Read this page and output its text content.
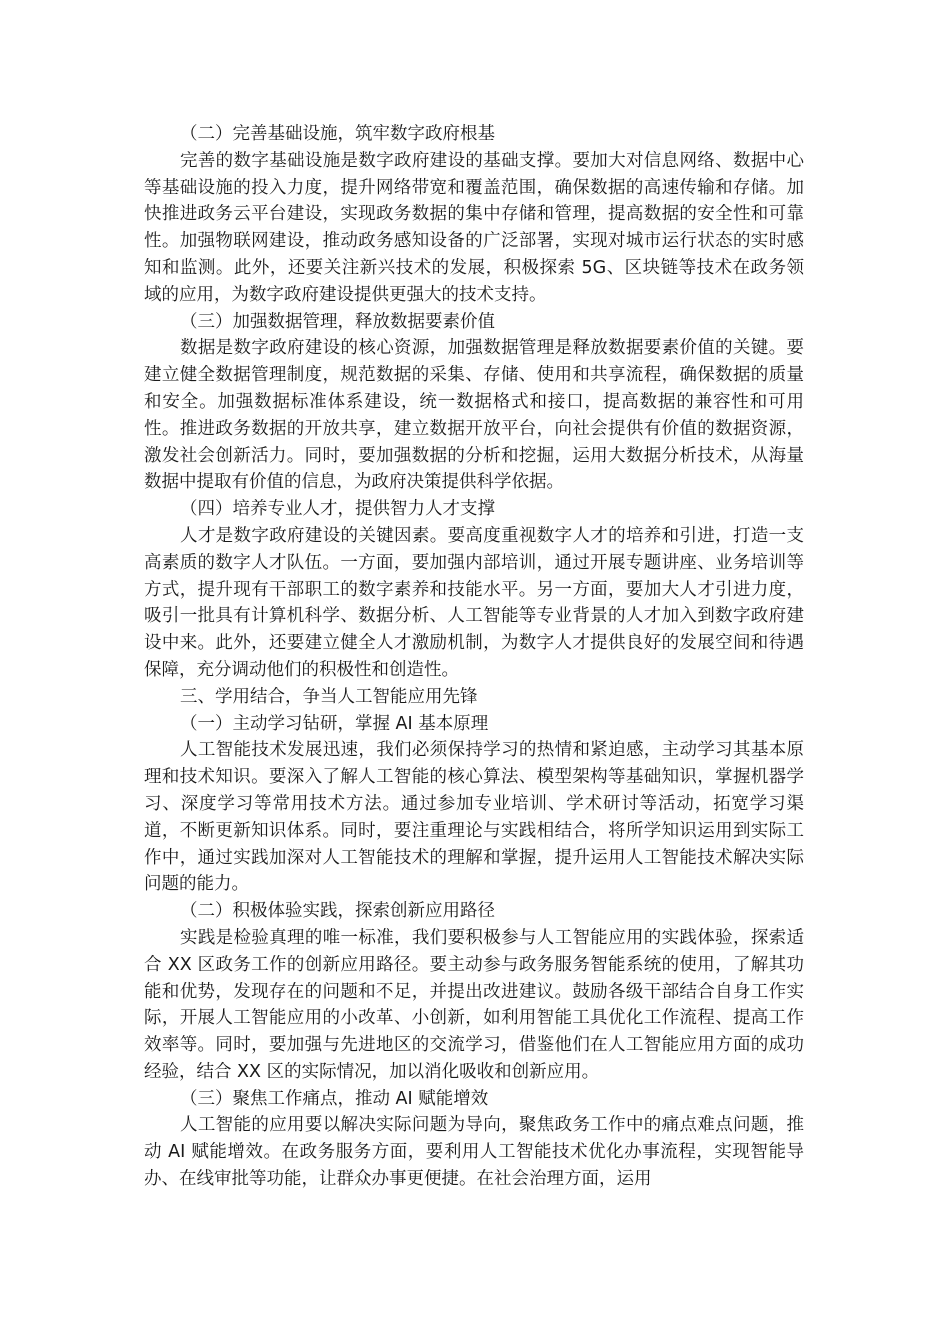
（二）完善基础设施，筑牢数字政府根基

完善的数字基础设施是数字政府建设的基础支撑。要加大对信息网络、数据中心等基础设施的投入力度，提升网络带宽和覆盖范围，确保数据的高速传输和存储。加快推进政务云平台建设，实现政务数据的集中存储和管理，提高数据的安全性和可靠性。加强物联网建设，推动政务感知设备的广泛部署，实现对城市运行状态的实时感知和监测。此外，还要关注新兴技术的发展，积极探索 5G、区块链等技术在政务领域的应用，为数字政府建设提供更强大的技术支持。

（三）加强数据管理，释放数据要素价值

数据是数字政府建设的核心资源，加强数据管理是释放数据要素价值的关键。要建立健全数据管理制度，规范数据的采集、存储、使用和共享流程，确保数据的质量和安全。加强数据标准体系建设，统一数据格式和接口，提高数据的兼容性和可用性。推进政务数据的开放共享，建立数据开放平台，向社会提供有价值的数据资源，激发社会创新活力。同时，要加强数据的分析和挖掘，运用大数据分析技术，从海量数据中提取有价值的信息，为政府决策提供科学依据。

（四）培养专业人才，提供智力人才支撑

人才是数字政府建设的关键因素。要高度重视数字人才的培养和引进，打造一支高素质的数字人才队伍。一方面，要加强内部培训，通过开展专题讲座、业务培训等方式，提升现有干部职工的数字素养和技能水平。另一方面，要加大人才引进力度，吸引一批具有计算机科学、数据分析、人工智能等专业背景的人才加入到数字政府建设中来。此外，还要建立健全人才激励机制，为数字人才提供良好的发展空间和待遇保障，充分调动他们的积极性和创造性。

三、学用结合，争当人工智能应用先锋

（一）主动学习钻研，掌握 AI 基本原理

人工智能技术发展迅速，我们必须保持学习的热情和紧迫感，主动学习其基本原理和技术知识。要深入了解人工智能的核心算法、模型架构等基础知识，掌握机器学习、深度学习等常用技术方法。通过参加专业培训、学术研讨等活动，拓宽学习渠道，不断更新知识体系。同时，要注重理论与实践相结合，将所学知识运用到实际工作中，通过实践加深对人工智能技术的理解和掌握，提升运用人工智能技术解决实际问题的能力。

（二）积极体验实践，探索创新应用路径

实践是检验真理的唯一标准，我们要积极参与人工智能应用的实践体验，探索适合 XX 区政务工作的创新应用路径。要主动参与政务服务智能系统的使用，了解其功能和优势，发现存在的问题和不足，并提出改进建议。鼓励各级干部结合自身工作实际，开展人工智能应用的小改革、小创新，如利用智能工具优化工作流程、提高工作效率等。同时，要加强与先进地区的交流学习，借鉴他们在人工智能应用方面的成功经验，结合 XX 区的实际情况，加以消化吸收和创新应用。

（三）聚焦工作痛点，推动 AI 赋能增效

人工智能的应用要以解决实际问题为导向，聚焦政务工作中的痛点难点问题，推动 AI 赋能增效。在政务服务方面，要利用人工智能技术优化办事流程，实现智能导办、在线审批等功能，让群众办事更便捷。在社会治理方面，运用
